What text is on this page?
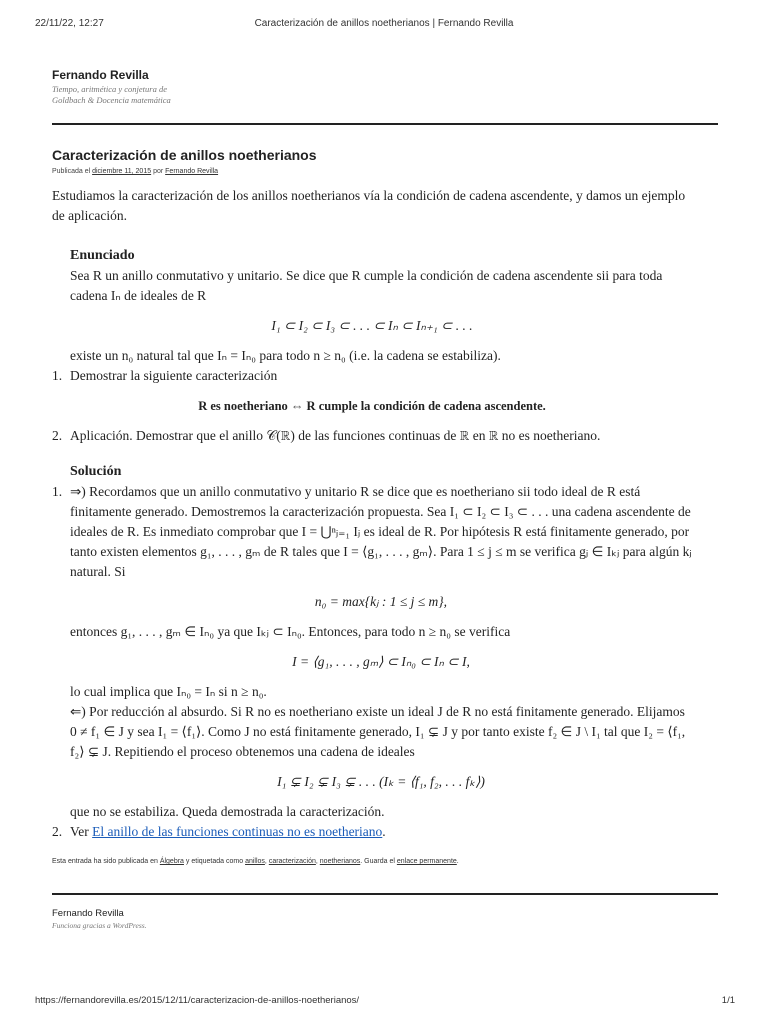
22/11/22, 12:27	Caracterización de anillos noetherianos | Fernando Revilla
Fernando Revilla
Tiempo, aritmética y conjetura de
Goldbach & Docencia matemática
Caracterización de anillos noetherianos
Publicada el diciembre 11, 2015 por Fernando Revilla

Estudiamos la caracterización de los anillos noetherianos vía la condición de cadena ascendente, y damos un ejemplo de aplicación.

Enunciado

Sea R un anillo conmutativo y unitario. Se dice que R cumple la condición de cadena ascendente sii para toda cadena Iₙ de ideales de R

I₁ ⊂ I₂ ⊂ I₃ ⊂ . . . ⊂ Iₙ ⊂ Iₙ₊₁ ⊂ . . .

existe un n₀ natural tal que Iₙ = Iₙ₀ para todo n ≥ n₀ (i.e. la cadena se estabiliza).

1. Demostrar la siguiente caracterización
R es noetheriano ⇔ R cumple la condición de cadena ascendente.
2. Aplicación. Demostrar que el anillo 𝒞(ℝ) de las funciones continuas de ℝ en ℝ no es noetheriano.
Solución
1. ⇒) Recordamos que un anillo conmutativo y unitario R se dice que es noetheriano sii todo ideal de R está finitamente generado. Demostremos la caracterización propuesta. Sea I₁ ⊂ I₂ ⊂ I₃ ⊂ . . . una cadena ascendente de ideales de R. Es inmediato comprobar que I = ⋃ⁿⱼ₌₁ Iⱼ es ideal de R. Por hipótesis R está finitamente generado, por tanto existen elementos g₁, . . . , gₘ de R tales que I = ⟨g₁, . . . , gₘ⟩. Para 1 ≤ j ≤ m se verifica gⱼ ∈ Iₖⱼ para algún kⱼ natural. Si

n₀ = max{kⱼ : 1 ≤ j ≤ m},

entonces g₁, . . . , gₘ ∈ Iₙ₀ ya que Iₖⱼ ⊂ Iₙ₀. Entonces, para todo n ≥ n₀ se verifica

I = ⟨g₁, . . . , gₘ⟩ ⊂ Iₙ₀ ⊂ Iₙ ⊂ I,

lo cual implica que Iₙ₀ = Iₙ si n ≥ n₀.

⇐) Por reducción al absurdo. Si R no es noetheriano existe un ideal J de R no está finitamente generado. Elijamos 0 ≠ f₁ ∈ J y sea I₁ = ⟨f₁⟩. Como J no está finitamente generado, I₁ ⊊ J y por tanto existe f₂ ∈ J \ I₁ tal que I₂ = ⟨f₁, f₂⟩ ⊊ J. Repitiendo el proceso obtenemos una cadena de ideales

I₁ ⊊ I₂ ⊊ I₃ ⊊ . . . (Iₖ = ⟨f₁, f₂, . . . fₖ⟩)

que no se estabiliza. Queda demostrada la caracterización.

2. Ver El anillo de las funciones continuas no es noetheriano.
Esta entrada ha sido publicada en Álgebra y etiquetada como anillos, caracterización, noetherianos. Guarda el enlace permanente.
Fernando Revilla
Funciona gracias a WordPress.
https://fernandorevilla.es/2015/12/11/caracterizacion-de-anillos-noetherianos/	1/1
